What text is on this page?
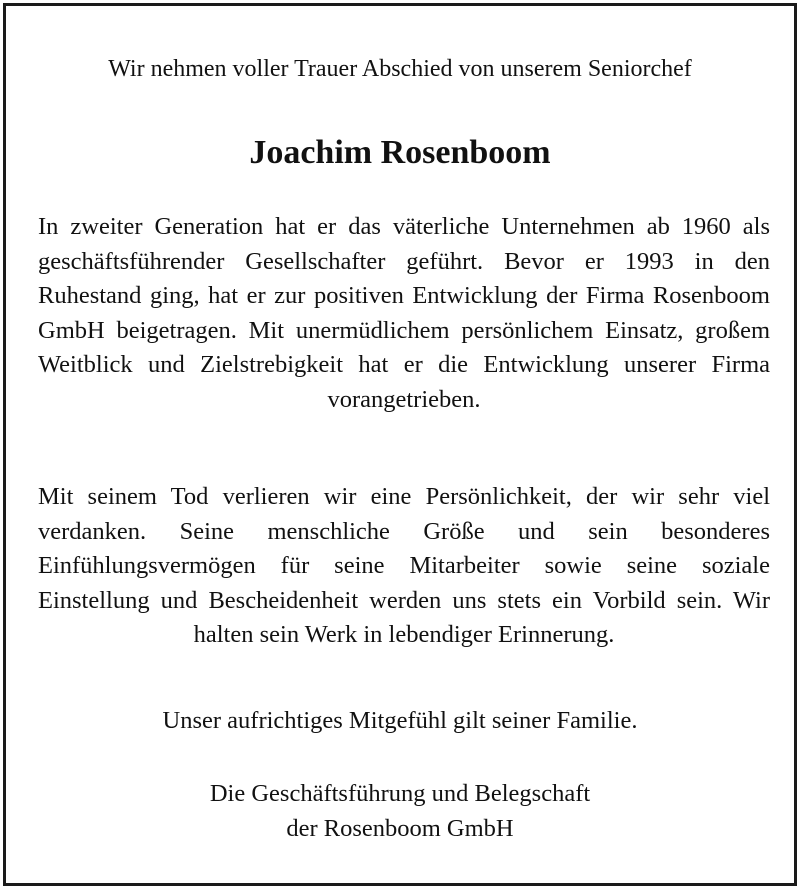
Wir nehmen voller Trauer Abschied von unserem Seniorchef

Joachim Rosenboom

In zweiter Generation hat er das väterliche Unternehmen ab 1960 als geschäftsführender Gesellschafter geführt. Bevor er 1993 in den Ruhestand ging, hat er zur positiven Entwicklung der Firma Rosenboom GmbH beigetragen. Mit unermüdlichem persönlichem Einsatz, großem Weitblick und Zielstrebigkeit hat er die Entwicklung unserer Firma vorangetrieben.

Mit seinem Tod verlieren wir eine Persönlichkeit, der wir sehr viel verdanken. Seine menschliche Größe und sein besonderes Einfühlungsvermögen für seine Mitarbeiter sowie seine soziale Einstellung und Bescheidenheit werden uns stets ein Vorbild sein. Wir halten sein Werk in lebendiger Erinnerung.

Unser aufrichtiges Mitgefühl gilt seiner Familie.

Die Geschäftsführung und Belegschaft
der Rosenboom GmbH
